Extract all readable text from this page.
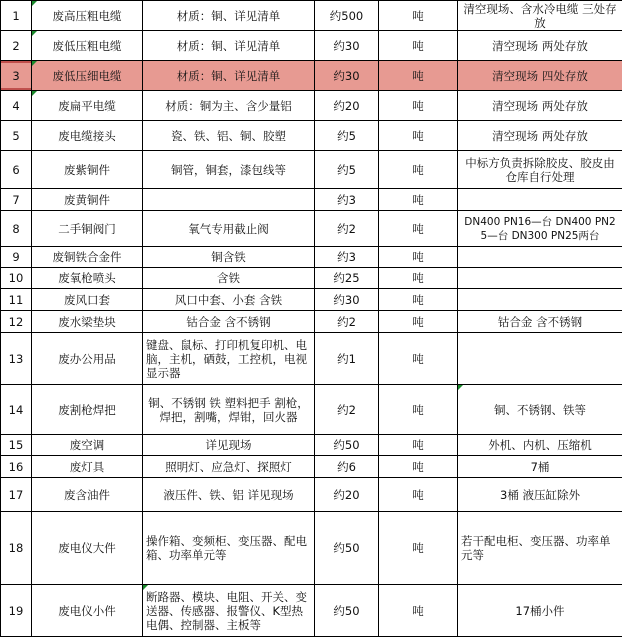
1	废高压粗电缆	材质：铜、详见清单	约500	吨	清空现场、含水冷电缆 三处存放
2	废低压粗电缆	材质：铜、详见清单	约30	吨	清空现场 两处存放
3	废低压细电缆	材质：铜、详见清单	约30	吨	清空现场 四处存放
4	废扁平电缆	材质：铜为主、含少量铝	约20	吨	清空现场 两处存放
5	废电缆接头	瓷、铁、铝、铜、胶塑	约5	吨	清空现场 两处存放
6	废紫铜件	铜管，铜套，漆包线等	约5	吨	中标方负责拆除胶皮、胶皮由仓库自行处理
7	废黄铜件		约3	吨	
8	二手铜阀门	氧气专用截止阀	约2	吨	DN400 PN16—台 DN400 PN25—台 DN300 PN25两台
9	废铜铁合金件	铜含铁	约3	吨	
10	废氧枪喷头	含铁	约25	吨	
11	废风口套	风口中套、小套 含铁	约30	吨	
12	废水梁垫块	钴合金 含不锈钢	约2	吨	钴合金 含不锈钢
13	废办公用品	键盘、鼠标、打印机复印机、电脑，主机，硒鼓，工控机，电视显示器	约1	吨	
14	废割枪焊把	铜、不锈钢 铁 塑料把手 割枪，焊把，割嘴，焊钳，回火器	约2	吨	铜、不锈钢、铁等
15	废空调	详见现场	约50	吨	外机、内机、压缩机
16	废灯具	照明灯、应急灯、探照灯	约6	吨	7桶
17	废含油件	液压件、铁、铝 详见现场	约20	吨	3桶 液压缸除外
18	废电仪大件	操作箱、变频柜、变压器、配电箱、功率单元等	约50	吨	若干配电柜、变压器、功率单元等
19	废电仪小件	断路器、模块、电阻、开关、变送器、传感器、报警仪、K型热电偶、控制器、主板等	约50	吨	17桶小件
